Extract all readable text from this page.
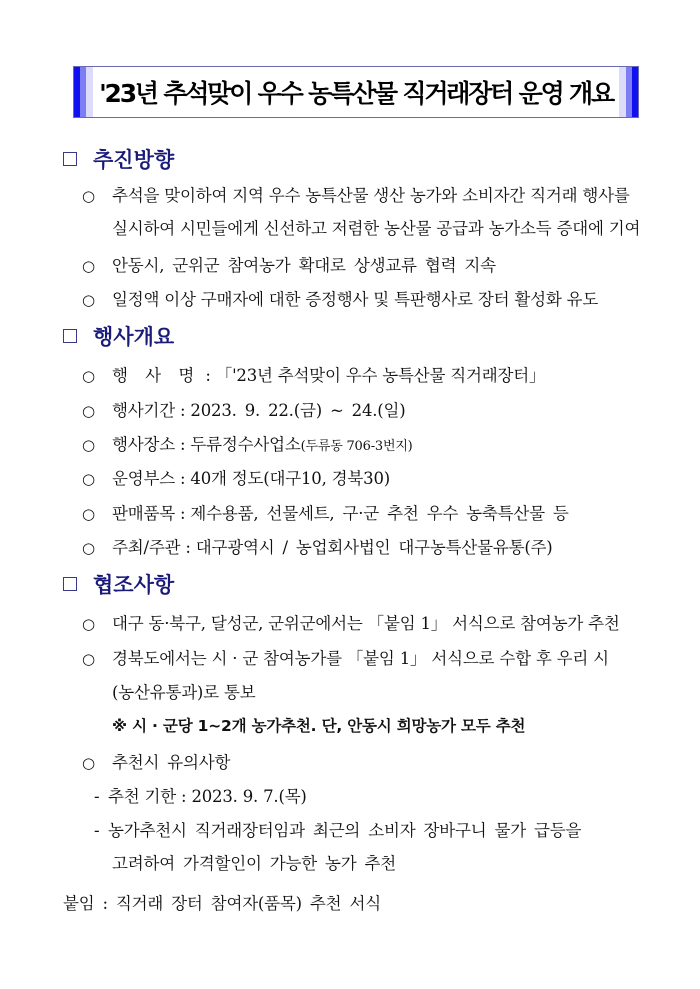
'23년 추석맞이 우수 농특산물 직거래장터 운영 개요
추진방향
○ 추석을 맞이하여 지역 우수 농특산물 생산 농가와 소비자간 직거래 행사를
실시하여 시민들에게 신선하고 저렴한 농산물 공급과 농가소득 증대에 기여
○ 안동시, 군위군 참여농가 확대로 상생교류 협력 지속
○ 일정액 이상 구매자에 대한 증정행사 및 특판행사로 장터 활성화 유도
행사개요
○ 행 사 명 : 「'23년 추석맞이 우수 농특산물 직거래장터」
○ 행사기간 : 2023. 9. 22.(금) ~ 24.(일)
○ 행사장소 : 두류정수사업소(두류동 706-3번지)
○ 운영부스 : 40개 정도(대구10, 경북30)
○ 판매품목 : 제수용품, 선물세트, 구·군 추천 우수 농축특산물 등
○ 주최/주관 : 대구광역시 / 농업회사법인 대구농특산물유통(주)
협조사항
○ 대구 동·북구, 달성군, 군위군에서는 「붙임 1」 서식으로 참여농가 추천
○ 경북도에서는 시 · 군 참여농가를 「붙임 1」 서식으로 수합 후 우리 시
(농산유통과)로 통보
※ 시 · 군당 1~2개 농가추천. 단, 안동시 희망농가 모두 추천
○ 추천시 유의사항
- 추천 기한 : 2023. 9. 7.(목)
- 농가추천시 직거래장터임과 최근의 소비자 장바구니 물가 급등을
고려하여 가격할인이 가능한 농가 추천
붙임 : 직거래 장터 참여자(품목) 추천 서식
